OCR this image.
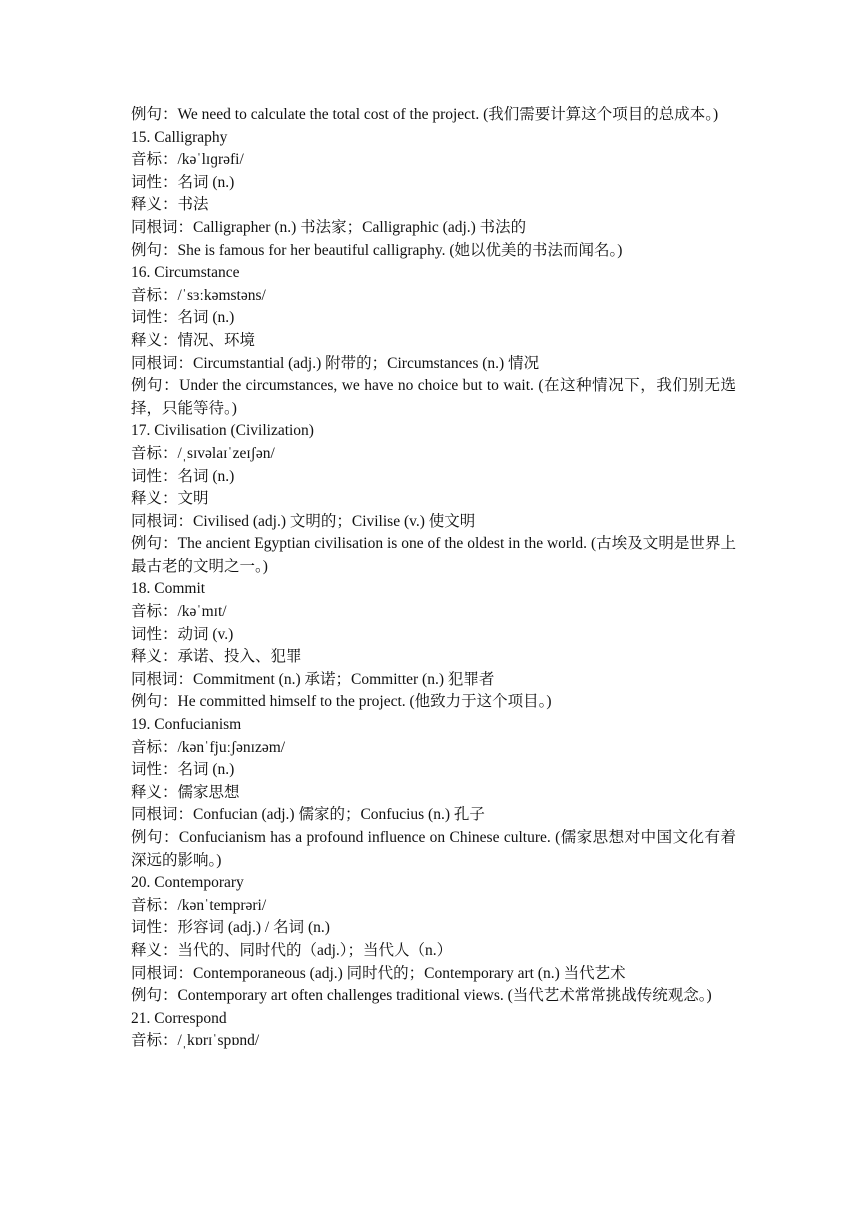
例句：We need to calculate the total cost of the project. (我们需要计算这个项目的总成本。)
15. Calligraphy
音标：/kəˈlɪɡrəfi/
词性：名词 (n.)
释义：书法
同根词：Calligrapher (n.) 书法家；Calligraphic (adj.) 书法的
例句：She is famous for her beautiful calligraphy. (她以优美的书法而闻名。)
16. Circumstance
音标：/ˈsɜːkəmstəns/
词性：名词 (n.)
释义：情况、环境
同根词：Circumstantial (adj.) 附带的；Circumstances (n.) 情况
例句：Under the circumstances, we have no choice but to wait. (在这种情况下，我们别无选择，只能等待。)
17. Civilisation (Civilization)
音标：/ˌsɪvəlaɪˈzeɪʃən/
词性：名词 (n.)
释义：文明
同根词：Civilised (adj.) 文明的；Civilise (v.) 使文明
例句：The ancient Egyptian civilisation is one of the oldest in the world. (古埃及文明是世界上最古老的文明之一。)
18. Commit
音标：/kəˈmɪt/
词性：动词 (v.)
释义：承诺、投入、犯罪
同根词：Commitment (n.) 承诺；Committer (n.) 犯罪者
例句：He committed himself to the project. (他致力于这个项目。)
19. Confucianism
音标：/kənˈfjuːʃənɪzəm/
词性：名词 (n.)
释义：儒家思想
同根词：Confucian (adj.) 儒家的；Confucius (n.) 孔子
例句：Confucianism has a profound influence on Chinese culture. (儒家思想对中国文化有着深远的影响。)
20. Contemporary
音标：/kənˈtemprəri/
词性：形容词 (adj.) / 名词 (n.)
释义：当代的、同时代的（adj.）；当代人（n.）
同根词：Contemporaneous (adj.) 同时代的；Contemporary art (n.) 当代艺术
例句：Contemporary art often challenges traditional views. (当代艺术常常挑战传统观念。)
21. Correspond
音标：/ˌkɒrɪˈspɒnd/
